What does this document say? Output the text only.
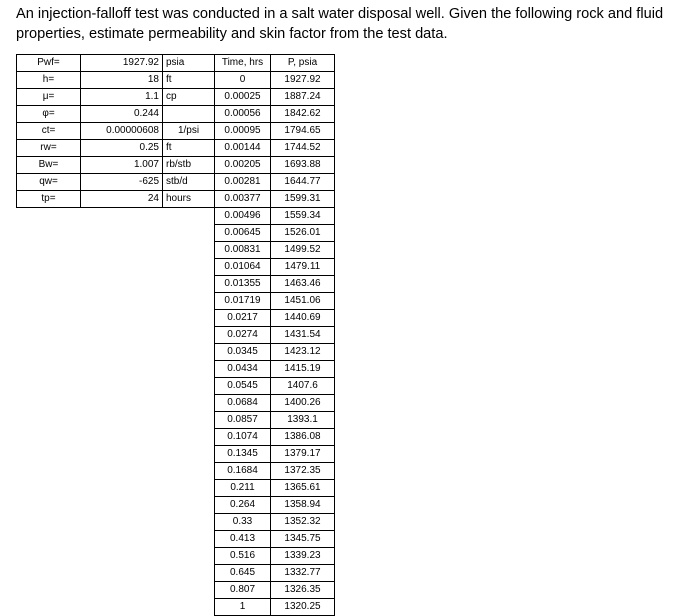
An injection-falloff test was conducted in a salt water disposal well. Given the following rock and fluid properties, estimate permeability and skin factor from the test data.

Pwf=	1927.92	psia
h=	18	ft
μ=	1.1	cp
φ=	0.244	
ct=	0.00000608	1/psi
rw=	0.25	ft
Bw=	1.007	rb/stb
qw=	-625	stb/d
tp=	24	hours
Time, hrs	P, psia
0	1927.92
0.00025	1887.24
0.00056	1842.62
0.00095	1794.65
0.00144	1744.52
0.00205	1693.88
0.00281	1644.77
0.00377	1599.31
0.00496	1559.34
0.00645	1526.01
0.00831	1499.52
0.01064	1479.11
0.01355	1463.46
0.01719	1451.06
0.0217	1440.69
0.0274	1431.54
0.0345	1423.12
0.0434	1415.19
0.0545	1407.6
0.0684	1400.26
0.0857	1393.1
0.1074	1386.08
0.1345	1379.17
0.1684	1372.35
0.211	1365.61
0.264	1358.94
0.33	1352.32
0.413	1345.75
0.516	1339.23
0.645	1332.77
0.807	1326.35
1	1320.25
